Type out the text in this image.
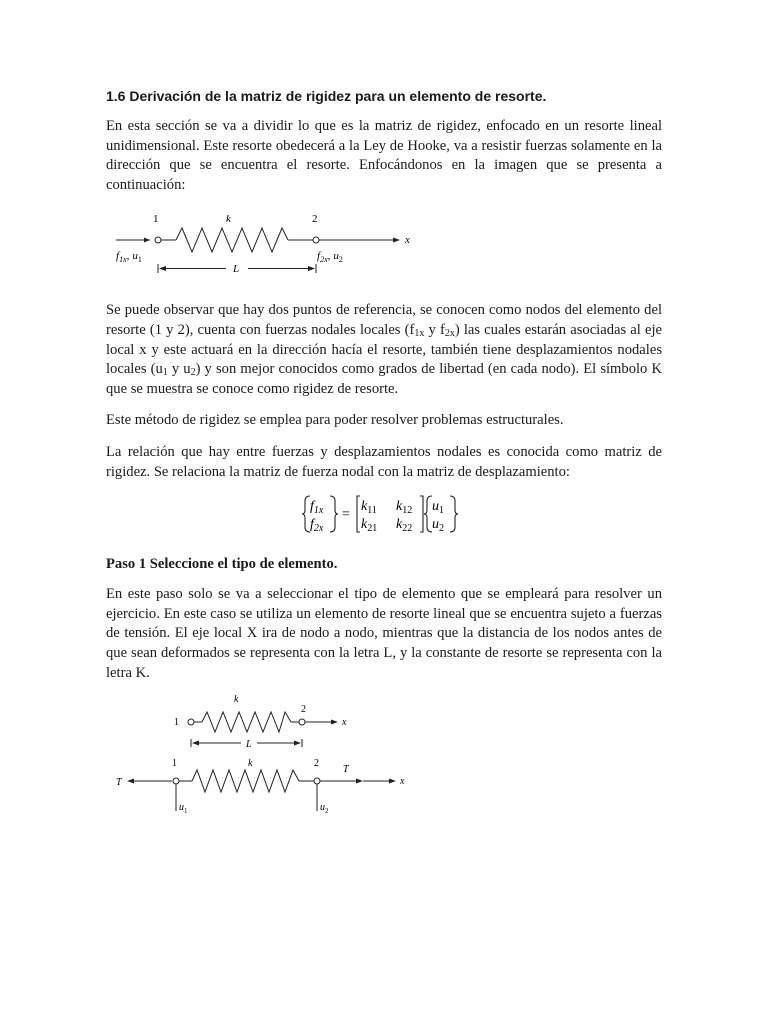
1.6 Derivación de la matriz de rigidez para un elemento de resorte.

En esta sección se va a dividir lo que es la matriz de rigidez, enfocado en un resorte lineal unidimensional. Este resorte obedecerá a la Ley de Hooke, va a resistir fuerzas solamente en la dirección que se encuentra el resorte. Enfocándonos en la imagen que se presenta a continuación:

1	2
k
x
L
$f_{1x}$, $u_1$	$f_{2x}$, $u_2$

Se puede observar que hay dos puntos de referencia, se conocen como nodos del elemento del resorte (1 y 2), cuenta con fuerzas nodales locales ($f_{1x}$ y $f_{2x}$) las cuales estarán asociadas al eje local x y este actuará en la dirección hacía el resorte, también tiene desplazamientos nodales locales ($u_1$ y $u_2$) y son mejor conocidos como grados de libertad (en cada nodo). El símbolo K que se muestra se conoce como rigidez de resorte.

Este método de rigidez se emplea para poder resolver problemas estructurales.

La relación que hay entre fuerzas y desplazamientos nodales es conocida como matriz de rigidez. Se relaciona la matriz de fuerza nodal con la matriz de desplazamiento:

$f_{1x}$
$f_{2x}$
=
$k_{11}$ $k_{12}$
$k_{21}$ $k_{22}$
$u_1$
$u_2$

Paso 1 Seleccione el tipo de elemento.

En este paso solo se va a seleccionar el tipo de elemento que se empleará para resolver un ejercicio. En este caso se utiliza un elemento de resorte lineal que se encuentra sujeto a fuerzas de tensión. El eje local X ira de nodo a nodo, mientras que la distancia de los nodos antes de que sean deformados se representa con la letra L, y la constante de resorte se representa con la letra K.

1
2
k
x
L
T
T
1	2
k
x
$u_1$	$u_2$
